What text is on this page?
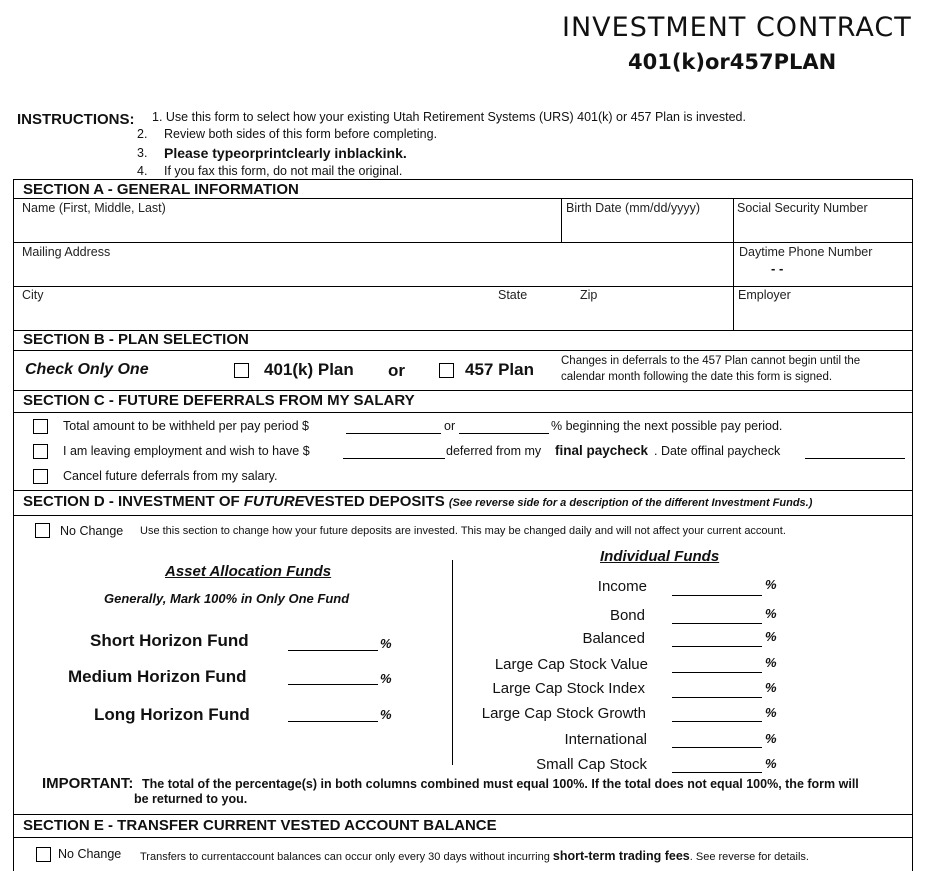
INVESTMENT CONTRACT
401(k)or457PLAN
INSTRUCTIONS: 1. Use this form to select how your existing Utah Retirement Systems (URS) 401(k) or 457 Plan is invested.
2. Review both sides of this form before completing.
3. Please typeorprintclearly inblackink.
4. If you fax this form, do not mail the original.
SECTION A - GENERAL INFORMATION
Name (First, Middle, Last)	Birth Date (mm/dd/yyyy)	Social Security Number
Mailing Address	Daytime Phone Number
- -
City	State	Zip	Employer
SECTION B - PLAN SELECTION
Check Only One	401(k) Plan or	457 Plan Changes in deferrals to the 457 Plan cannot begin until the
calendar month following the date this form is signed.
SECTION C - FUTURE DEFERRALS FROM MY SALARY
Total amount to be withheld per pay period $	or	% beginning the next possible pay period.
I am leaving employment and wish to have $	deferred from my final paycheck . Date offinal paycheck
Cancel future deferrals from my salary.
SECTION D - INVESTMENT OF FUTUREVESTED DEPOSITS (See reverse side for a description of the different Investment Funds.)
No Change Use this section to change how your future deposits are invested. This may be changed daily and will not affect your current account.
Asset Allocation Funds
Generally, Mark 100% in Only One Fund
Short Horizon Fund	%
Medium Horizon Fund	%
Long Horizon Fund	%
Individual Funds
Income	%
Bond	%
Balanced	%
Large Cap Stock Value	%
Large Cap Stock Index	%
Large Cap Stock Growth	%
International	%
Small Cap Stock	%
IMPORTANT: The total of the percentage(s) in both columns combined must equal 100%. If the total does not equal 100%, the form will
be returned to you.
SECTION E - TRANSFER CURRENT VESTED ACCOUNT BALANCE
No Change Transfers to currentaccount balances can occur only every 30 days without incurring short-term trading fees. See reverse for details.
